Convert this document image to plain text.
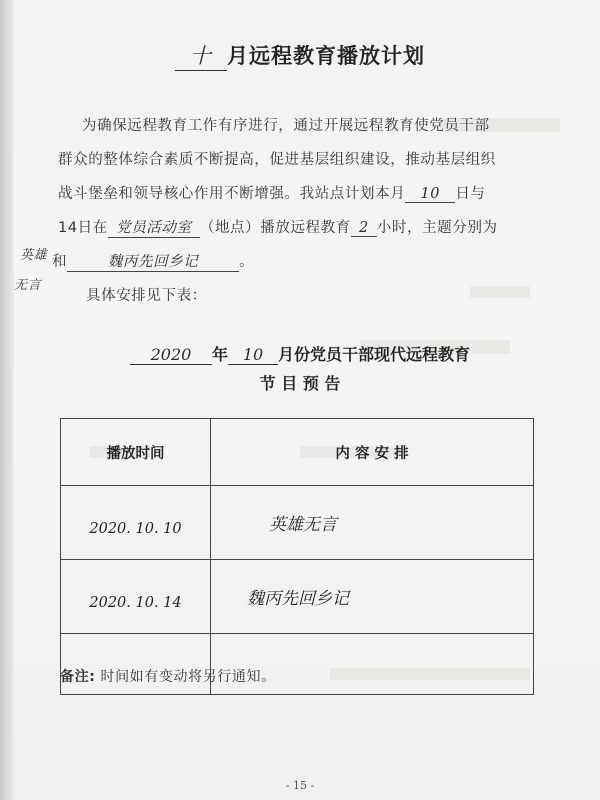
十 月远程教育播放计划
为确保远程教育工作有序进行，通过开展远程教育使党员干部
群众的整体综合素质不断提高，促进基层组织建设，推动基层组织
战斗堡垒和领导核心作用不断增强。我站点计划本月 10 日与
14日在 党员活动室 （地点）播放远程教育 2 小时，主题分别为
英雄 和	魏丙先回乡记	。
无言
具体安排见下表：
2020 年 10 月份党员干部现代远程教育
节 目 预 告
播放时间	内 容 安 排
2020. 10. 10	英雄无言
2020. 10. 14	魏丙先回乡记

备注: 时间如有变动将另行通知。
- 15 -
